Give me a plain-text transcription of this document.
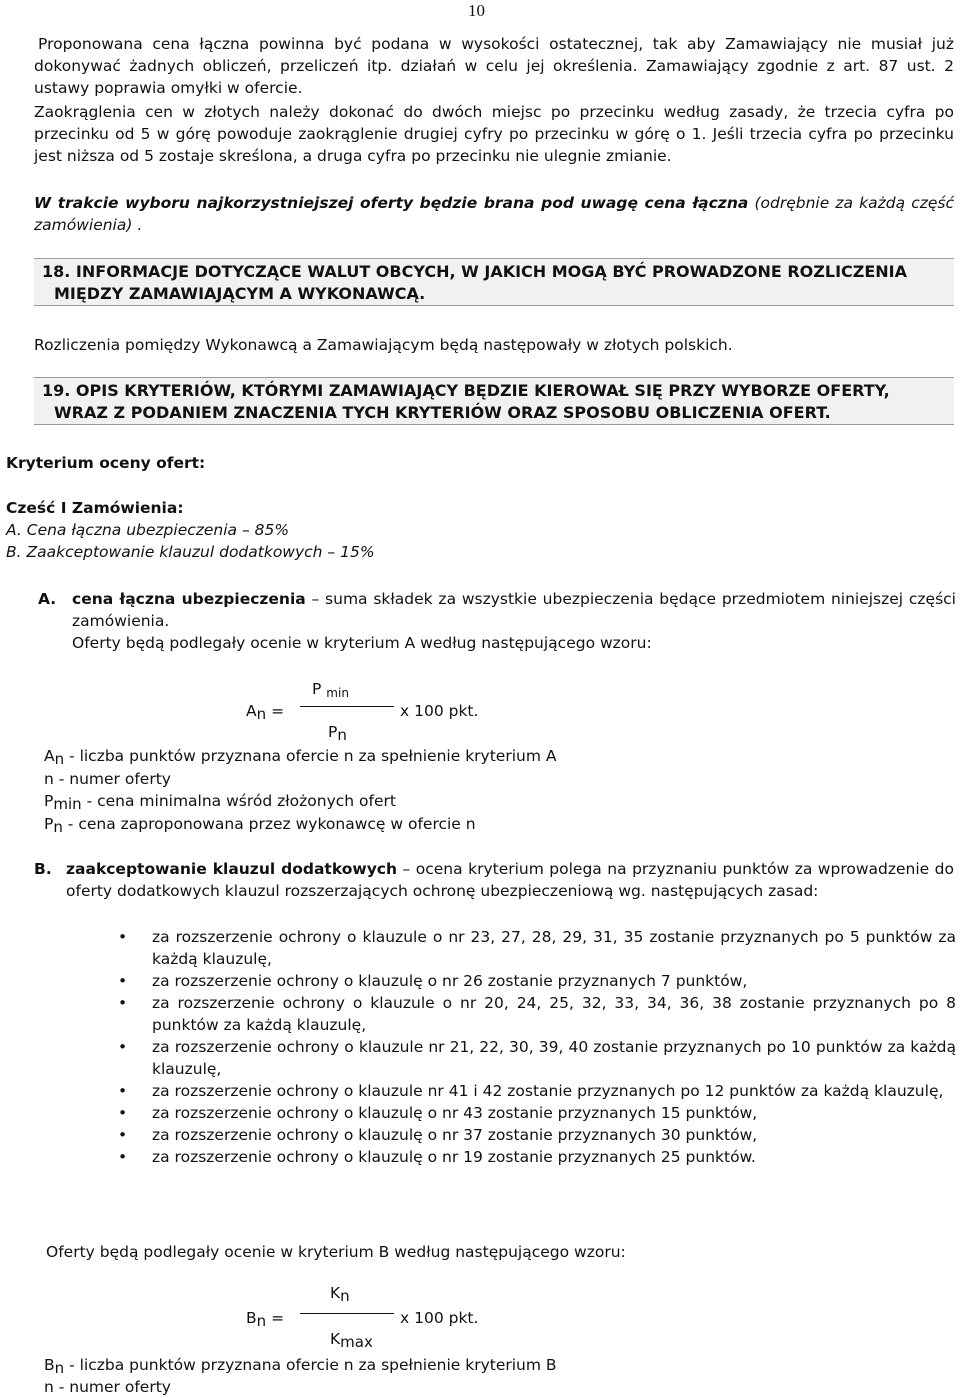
10
Proponowana cena łączna powinna być podana w wysokości ostatecznej, tak aby Zamawiający nie musiał już dokonywać żadnych obliczeń, przeliczeń itp. działań w celu jej określenia. Zamawiający zgodnie z art. 87 ust. 2 ustawy poprawia omyłki w ofercie.
Zaokrąglenia cen w złotych należy dokonać do dwóch miejsc po przecinku według zasady, że trzecia cyfra po przecinku od 5 w górę powoduje zaokrąglenie drugiej cyfry po przecinku w górę o 1. Jeśli trzecia cyfra po przecinku jest niższa od 5 zostaje skreślona, a druga cyfra po przecinku nie ulegnie zmianie.
W trakcie wyboru najkorzystniejszej oferty będzie brana pod uwagę cena łączna (odrębnie za każdą część zamówienia) .
18. INFORMACJE DOTYCZĄCE WALUT OBCYCH, W JAKICH MOGĄ BYĆ PROWADZONE ROZLICZENIA
MIĘDZY ZAMAWIAJĄCYM A WYKONAWCĄ.
Rozliczenia pomiędzy Wykonawcą a Zamawiającym będą następowały w złotych polskich.
19. OPIS KRYTERIÓW, KTÓRYMI ZAMAWIAJĄCY BĘDZIE KIEROWAŁ SIĘ PRZY WYBORZE OFERTY,
WRAZ Z PODANIEM ZNACZENIA TYCH KRYTERIÓW ORAZ SPOSOBU OBLICZENIA OFERT.
Kryterium oceny ofert:
Cześć I Zamówienia:
A. Cena łączna ubezpieczenia – 85%
B. Zaakceptowanie klauzul dodatkowych – 15%
A. cena łączna ubezpieczenia – suma składek za wszystkie ubezpieczenia będące przedmiotem niniejszej części zamówienia.
Oferty będą podlegały ocenie w kryterium A według następującego wzoru:
P $_{min}$
An =	x 100 pkt.
Pn
An - liczba punktów przyznana ofercie n za spełnienie kryterium A
n - numer oferty
Pmin - cena minimalna wśród złożonych ofert
Pn - cena zaproponowana przez wykonawcę w ofercie n
B. zaakceptowanie klauzul dodatkowych – ocena kryterium polega na przyznaniu punktów za wprowadzenie do oferty dodatkowych klauzul rozszerzających ochronę ubezpieczeniową wg. następujących zasad:
• za rozszerzenie ochrony o klauzule o nr 23, 27, 28, 29, 31, 35 zostanie przyznanych po 5 punktów za każdą klauzulę,
• za rozszerzenie ochrony o klauzulę o nr 26 zostanie przyznanych 7 punktów,
• za rozszerzenie ochrony o klauzule o nr 20, 24, 25, 32, 33, 34, 36, 38 zostanie przyznanych po 8 punktów za każdą klauzulę,
• za rozszerzenie ochrony o klauzule nr 21, 22, 30, 39, 40 zostanie przyznanych po 10 punktów za każdą klauzulę,
• za rozszerzenie ochrony o klauzule nr 41 i 42 zostanie przyznanych po 12 punktów za każdą klauzulę,
• za rozszerzenie ochrony o klauzulę o nr 43 zostanie przyznanych 15 punktów,
• za rozszerzenie ochrony o klauzulę o nr 37 zostanie przyznanych 30 punktów,
• za rozszerzenie ochrony o klauzulę o nr 19 zostanie przyznanych 25 punktów.
Oferty będą podlegały ocenie w kryterium B według następującego wzoru:
Kn
Bn =	x 100 pkt.
Kmax
Bn - liczba punktów przyznana ofercie n za spełnienie kryterium B
n - numer oferty
